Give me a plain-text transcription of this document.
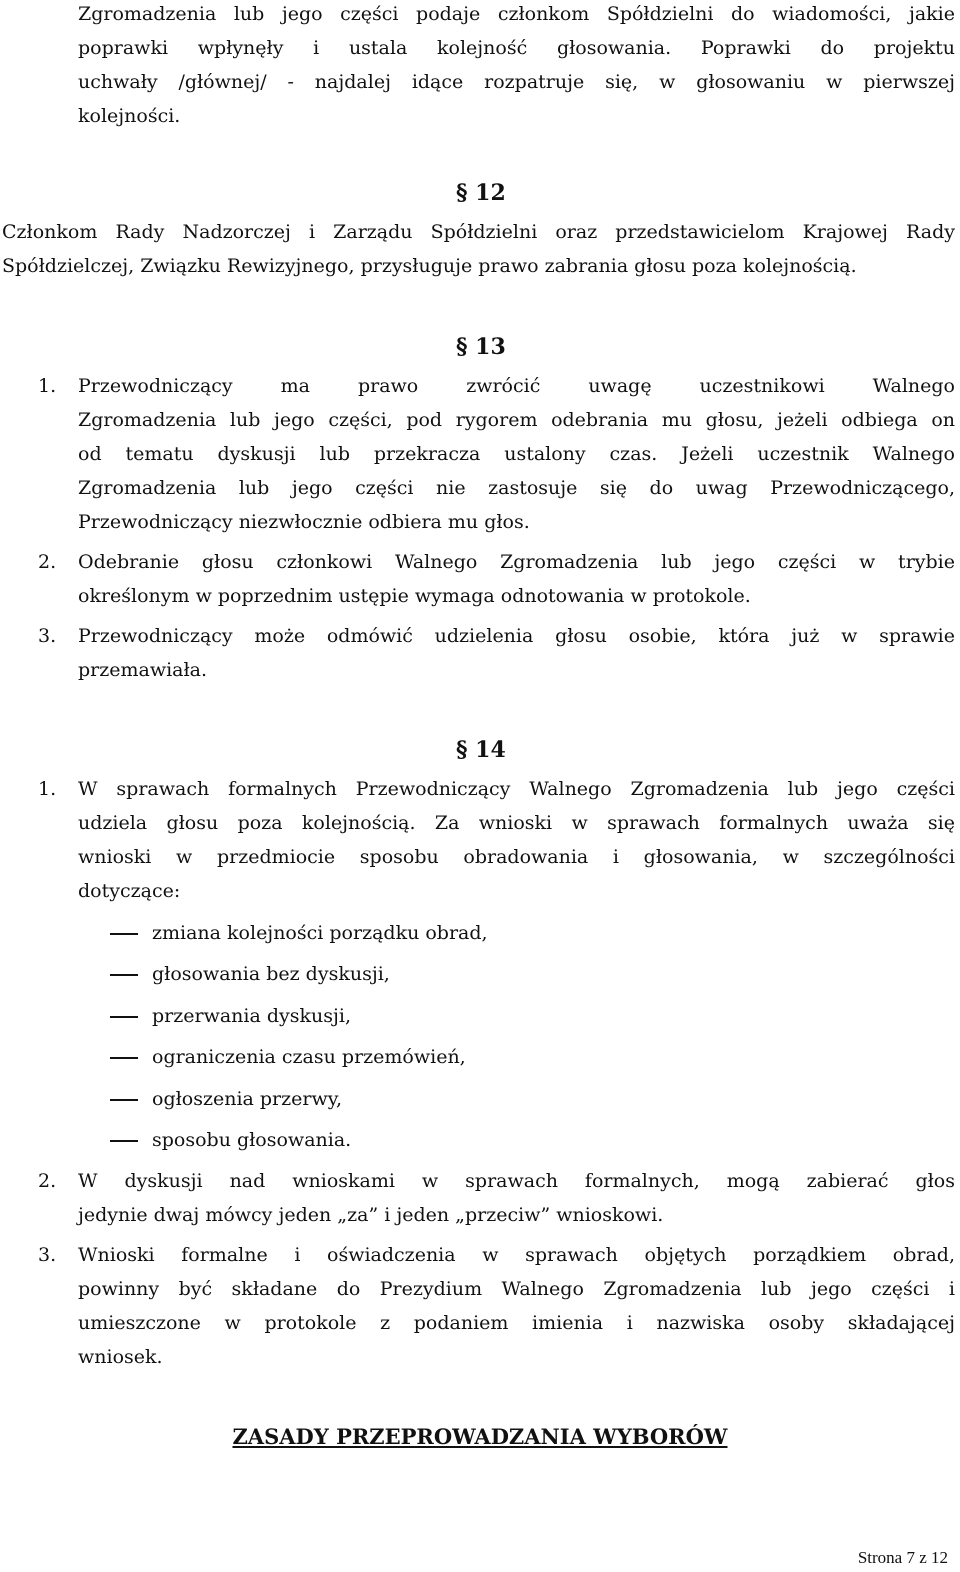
Zgromadzenia lub jego części podaje członkom Spółdzielni do wiadomości, jakie
poprawki wpłynęły i ustala kolejność głosowania. Poprawki do projektu
uchwały /głównej/ - najdalej idące rozpatruje się, w głosowaniu w pierwszej
kolejności.
§ 12
Członkom Rady Nadzorczej i Zarządu Spółdzielni oraz przedstawicielom Krajowej Rady
Spółdzielczej, Związku Rewizyjnego, przysługuje prawo zabrania głosu poza kolejnością.
§ 13
1. Przewodniczący ma prawo zwrócić uwagę uczestnikowi Walnego
Zgromadzenia lub jego części, pod rygorem odebrania mu głosu, jeżeli odbiega on
od tematu dyskusji lub przekracza ustalony czas. Jeżeli uczestnik Walnego
Zgromadzenia lub jego części nie zastosuje się do uwag Przewodniczącego,
Przewodniczący niezwłocznie odbiera mu głos.
2. Odebranie głosu członkowi Walnego Zgromadzenia lub jego części w trybie
określonym w poprzednim ustępie wymaga odnotowania w protokole.
3. Przewodniczący może odmówić udzielenia głosu osobie, która już w sprawie
przemawiała.
§ 14
1. W sprawach formalnych Przewodniczący Walnego Zgromadzenia lub jego części
udziela głosu poza kolejnością. Za wnioski w sprawach formalnych uważa się
wnioski w przedmiocie sposobu obradowania i głosowania, w szczególności
dotyczące:
zmiana kolejności porządku obrad,
głosowania bez dyskusji,
przerwania dyskusji,
ograniczenia czasu przemówień,
ogłoszenia przerwy,
sposobu głosowania.
2. W dyskusji nad wnioskami w sprawach formalnych, mogą zabierać głos
jedynie dwaj mówcy jeden „za” i jeden „przeciw” wnioskowi.
3. Wnioski formalne i oświadczenia w sprawach objętych porządkiem obrad,
powinny być składane do Prezydium Walnego Zgromadzenia lub jego części i
umieszczone w protokole z podaniem imienia i nazwiska osoby składającej
wniosek.
ZASADY PRZEPROWADZANIA WYBORÓW
Strona 7 z 12
